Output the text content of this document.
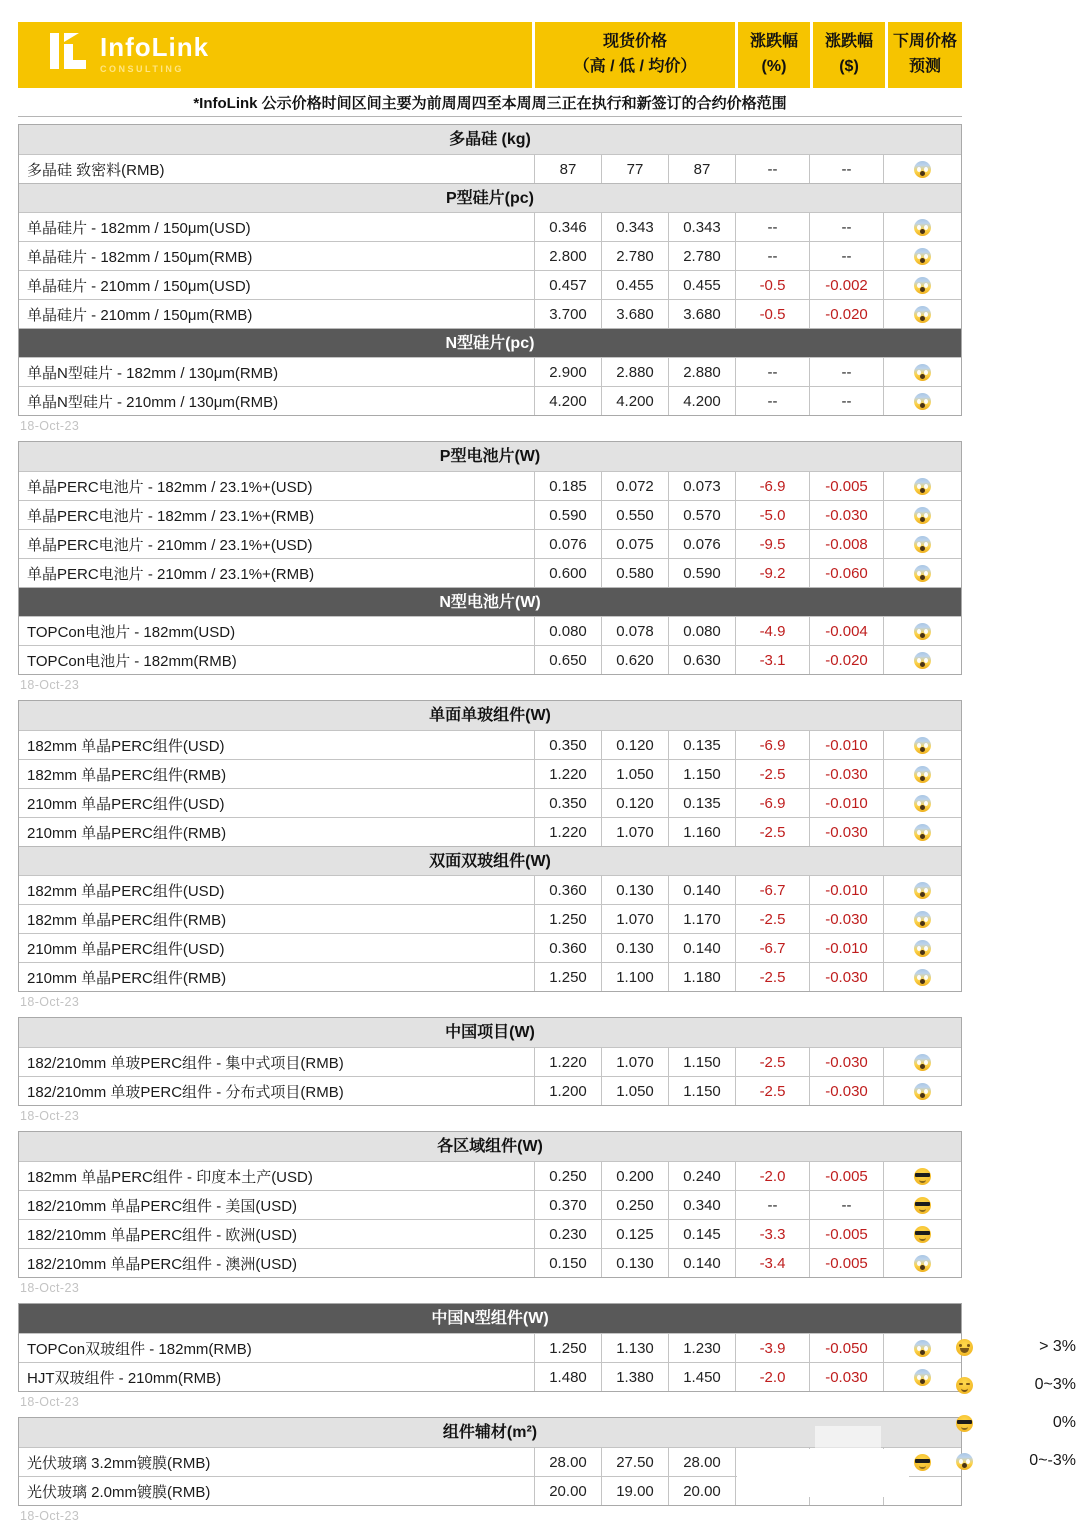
InfoLink
CONSULTING
现货价格
（高 / 低 / 均价）
涨跌幅
(%)
涨跌幅
($)
下周价格
预测
*InfoLink 公示价格时间区间主要为前周周四至本周周三正在执行和新签订的合约价格范围
多晶硅 (kg)
多晶硅 致密料(RMB)	87	77	87	--	--
P型硅片(pc)
单晶硅片 - 182mm / 150μm(USD)	0.346	0.343	0.343	--	--
单晶硅片 - 182mm / 150μm(RMB)	2.800	2.780	2.780	--	--
单晶硅片 - 210mm / 150μm(USD)	0.457	0.455	0.455	-0.5	-0.002
单晶硅片 - 210mm / 150μm(RMB)	3.700	3.680	3.680	-0.5	-0.020
N型硅片(pc)
单晶N型硅片 - 182mm / 130μm(RMB)	2.900	2.880	2.880	--	--
单晶N型硅片 - 210mm / 130μm(RMB)	4.200	4.200	4.200	--	--
18-Oct-23
P型电池片(W)
单晶PERC电池片 - 182mm / 23.1%+(USD)	0.185	0.072	0.073	-6.9	-0.005
单晶PERC电池片 - 182mm / 23.1%+(RMB)	0.590	0.550	0.570	-5.0	-0.030
单晶PERC电池片 - 210mm / 23.1%+(USD)	0.076	0.075	0.076	-9.5	-0.008
单晶PERC电池片 - 210mm / 23.1%+(RMB)	0.600	0.580	0.590	-9.2	-0.060
N型电池片(W)
TOPCon电池片 - 182mm(USD)	0.080	0.078	0.080	-4.9	-0.004
TOPCon电池片 - 182mm(RMB)	0.650	0.620	0.630	-3.1	-0.020
18-Oct-23
单面单玻组件(W)
182mm 单晶PERC组件(USD)	0.350	0.120	0.135	-6.9	-0.010
182mm 单晶PERC组件(RMB)	1.220	1.050	1.150	-2.5	-0.030
210mm 单晶PERC组件(USD)	0.350	0.120	0.135	-6.9	-0.010
210mm 单晶PERC组件(RMB)	1.220	1.070	1.160	-2.5	-0.030
双面双玻组件(W)
182mm 单晶PERC组件(USD)	0.360	0.130	0.140	-6.7	-0.010
182mm 单晶PERC组件(RMB)	1.250	1.070	1.170	-2.5	-0.030
210mm 单晶PERC组件(USD)	0.360	0.130	0.140	-6.7	-0.010
210mm 单晶PERC组件(RMB)	1.250	1.100	1.180	-2.5	-0.030
18-Oct-23
中国项目(W)
182/210mm 单玻PERC组件 - 集中式项目(RMB)	1.220	1.070	1.150	-2.5	-0.030
182/210mm 单玻PERC组件 - 分布式项目(RMB)	1.200	1.050	1.150	-2.5	-0.030
18-Oct-23
各区域组件(W)
182mm 单晶PERC组件 - 印度本土产(USD)	0.250	0.200	0.240	-2.0	-0.005
182/210mm 单晶PERC组件 - 美国(USD)	0.370	0.250	0.340	--	--
182/210mm 单晶PERC组件 - 欧洲(USD)	0.230	0.125	0.145	-3.3	-0.005
182/210mm 单晶PERC组件 - 澳洲(USD)	0.150	0.130	0.140	-3.4	-0.005
18-Oct-23
中国N型组件(W)
TOPCon双玻组件 - 182mm(RMB)	1.250	1.130	1.230	-3.9	-0.050
HJT双玻组件 - 210mm(RMB)	1.480	1.380	1.450	-2.0	-0.030
18-Oct-23
组件辅材(m²)
光伏玻璃 3.2mm镀膜(RMB)	28.00	27.50	28.00
光伏玻璃 2.0mm镀膜(RMB)	20.00	19.00	20.00
18-Oct-23
> 3%
0~3%
0%
0~-3%
